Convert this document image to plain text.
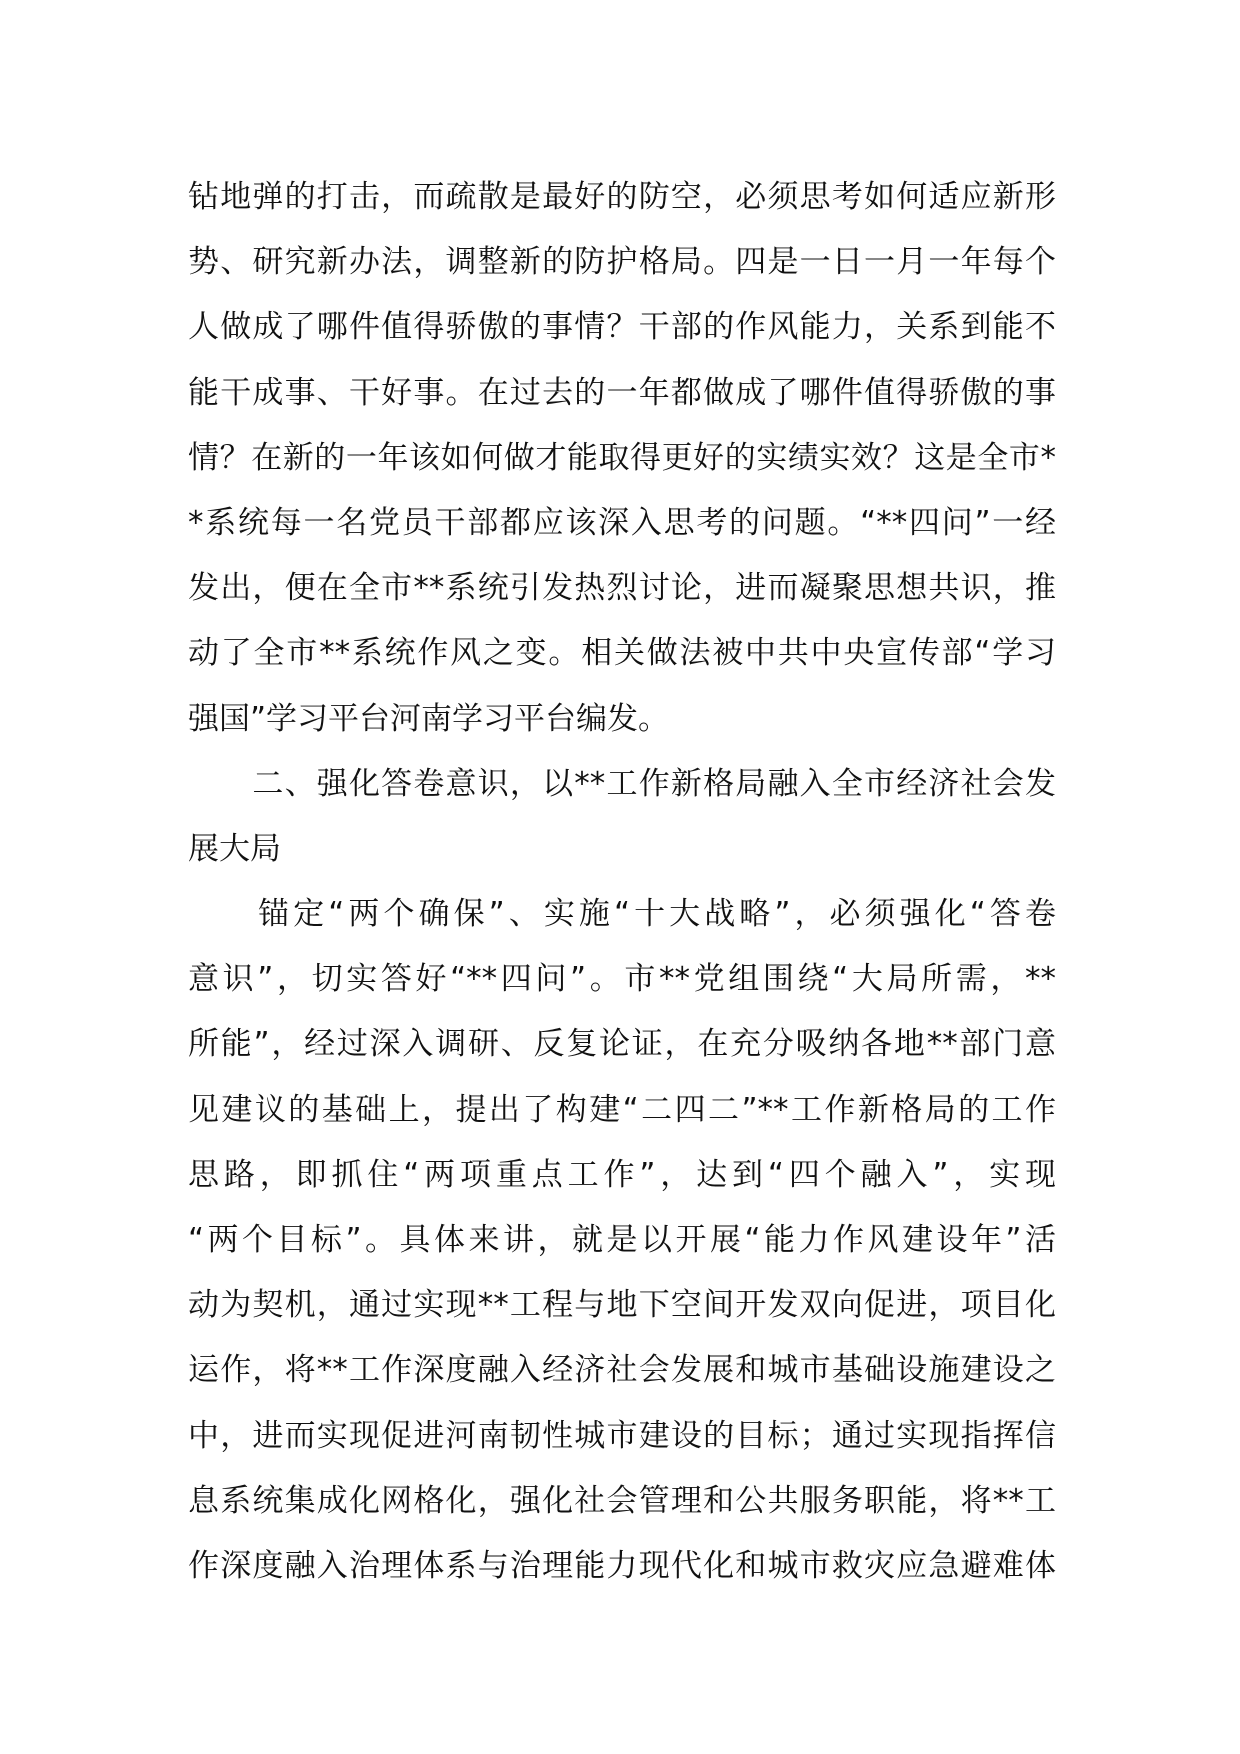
钻地弹的打击，而疏散是最好的防空，必须思考如何适应新形
势、研究新办法，调整新的防护格局。四是一日一月一年每个
人做成了哪件值得骄傲的事情？干部的作风能力，关系到能不
能干成事、干好事。在过去的一年都做成了哪件值得骄傲的事
情？在新的一年该如何做才能取得更好的实绩实效？这是全市*
*系统每一名党员干部都应该深入思考的问题。“**四问”一经
发出，便在全市**系统引发热烈讨论，进而凝聚思想共识，推
动了全市**系统作风之变。相关做法被中共中央宣传部“学习
强国”学习平台河南学习平台编发。
　　二、强化答卷意识，以**工作新格局融入全市经济社会发
展大局
　　锚定“两个确保”、实施“十大战略”，必须强化“答卷
意识”，切实答好“**四问”。市**党组围绕“大局所需，**
所能”，经过深入调研、反复论证，在充分吸纳各地**部门意
见建议的基础上，提出了构建“二四二”**工作新格局的工作
思路，即抓住“两项重点工作”，达到“四个融入”，实现
“两个目标”。具体来讲，就是以开展“能力作风建设年”活
动为契机，通过实现**工程与地下空间开发双向促进，项目化
运作，将**工作深度融入经济社会发展和城市基础设施建设之
中，进而实现促进河南韧性城市建设的目标；通过实现指挥信
息系统集成化网格化，强化社会管理和公共服务职能，将**工
作深度融入治理体系与治理能力现代化和城市救灾应急避难体
